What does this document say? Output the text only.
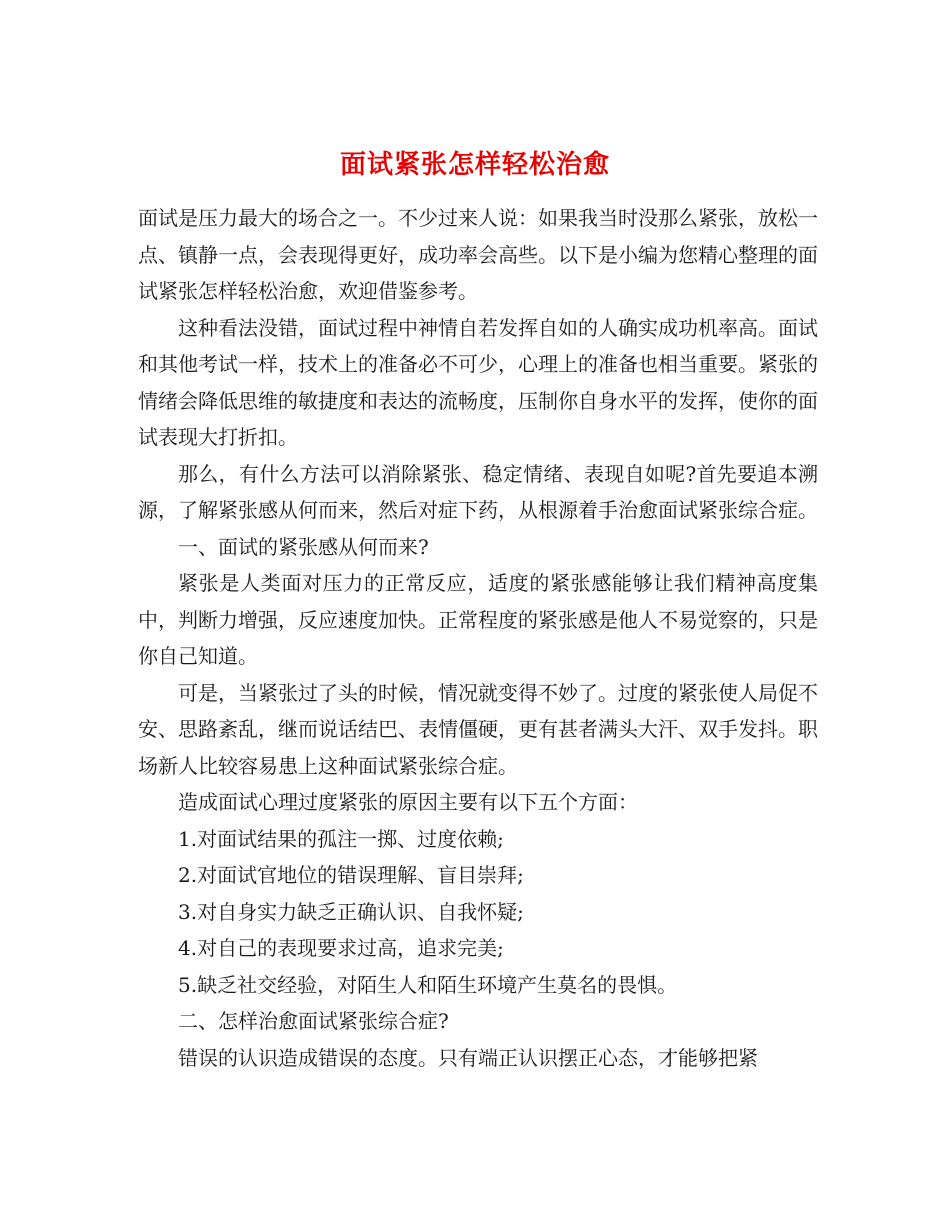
面试紧张怎样轻松治愈

面试是压力最大的场合之一。不少过来人说：如果我当时没那么紧张，放松一点、镇静一点，会表现得更好，成功率会高些。以下是小编为您精心整理的面试紧张怎样轻松治愈，欢迎借鉴参考。

这种看法没错，面试过程中神情自若发挥自如的人确实成功机率高。面试和其他考试一样，技术上的准备必不可少，心理上的准备也相当重要。紧张的情绪会降低思维的敏捷度和表达的流畅度，压制你自身水平的发挥，使你的面试表现大打折扣。

那么，有什么方法可以消除紧张、稳定情绪、表现自如呢?首先要追本溯源，了解紧张感从何而来，然后对症下药，从根源着手治愈面试紧张综合症。

一、面试的紧张感从何而来?

紧张是人类面对压力的正常反应，适度的紧张感能够让我们精神高度集中，判断力增强，反应速度加快。正常程度的紧张感是他人不易觉察的，只是你自己知道。

可是，当紧张过了头的时候，情况就变得不妙了。过度的紧张使人局促不安、思路紊乱，继而说话结巴、表情僵硬，更有甚者满头大汗、双手发抖。职场新人比较容易患上这种面试紧张综合症。

造成面试心理过度紧张的原因主要有以下五个方面：

1.对面试结果的孤注一掷、过度依赖;

2.对面试官地位的错误理解、盲目崇拜;

3.对自身实力缺乏正确认识、自我怀疑;

4.对自己的表现要求过高，追求完美;

5.缺乏社交经验，对陌生人和陌生环境产生莫名的畏惧。

二、怎样治愈面试紧张综合症?

错误的认识造成错误的态度。只有端正认识摆正心态，才能够把紧
